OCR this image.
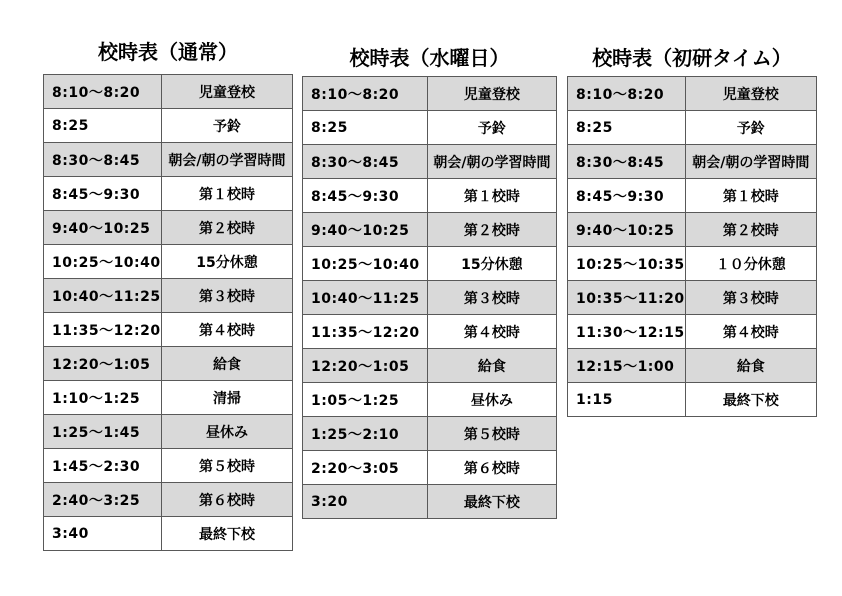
校時表（通常）
8:10～8:20	児童登校
8:25	予鈴
8:30～8:45	朝会/朝の学習時間
8:45～9:30	第１校時
9:40～10:25	第２校時
10:25～10:40	15分休憩
10:40～11:25	第３校時
11:35～12:20	第４校時
12:20～1:05	給食
1:10～1:25	清掃
1:25～1:45	昼休み
1:45～2:30	第５校時
2:40～3:25	第６校時
3:40	最終下校
校時表（水曜日）
8:10～8:20	児童登校
8:25	予鈴
8:30～8:45	朝会/朝の学習時間
8:45～9:30	第１校時
9:40～10:25	第２校時
10:25～10:40	15分休憩
10:40～11:25	第３校時
11:35～12:20	第４校時
12:20～1:05	給食
1:05～1:25	昼休み
1:25～2:10	第５校時
2:20～3:05	第６校時
3:20	最終下校
校時表（初研タイム）
8:10～8:20	児童登校
8:25	予鈴
8:30～8:45	朝会/朝の学習時間
8:45～9:30	第１校時
9:40～10:25	第２校時
10:25～10:35	１０分休憩
10:35～11:20	第３校時
11:30～12:15	第４校時
12:15～1:00	給食
1:15	最終下校
